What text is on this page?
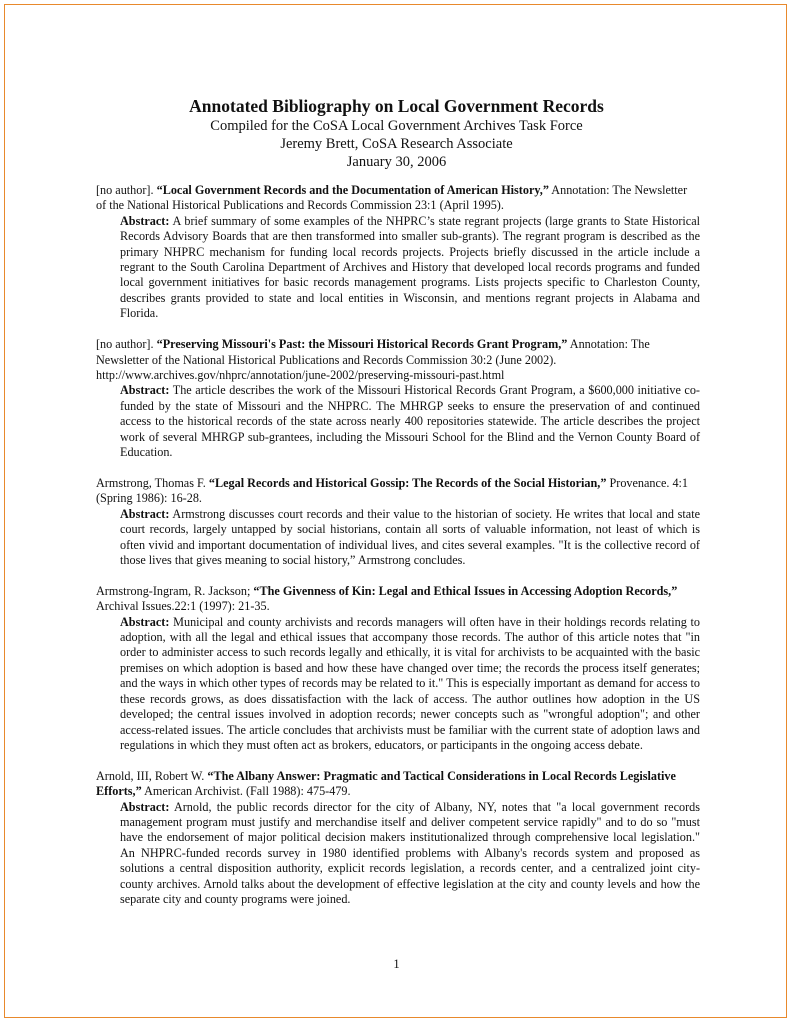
Annotated Bibliography on Local Government Records
Compiled for the CoSA Local Government Archives Task Force
Jeremy Brett, CoSA Research Associate
January 30, 2006
[no author]. “Local Government Records and the Documentation of American History,” Annotation: The Newsletter of the National Historical Publications and Records Commission 23:1 (April 1995).
Abstract: A brief summary of some examples of the NHPRC’s state regrant projects (large grants to State Historical Records Advisory Boards that are then transformed into smaller sub-grants). The regrant program is described as the primary NHPRC mechanism for funding local records projects. Projects briefly discussed in the article include a regrant to the South Carolina Department of Archives and History that developed local records programs and funded local government initiatives for basic records management programs. Lists projects specific to Charleston County, describes grants provided to state and local entities in Wisconsin, and mentions regrant projects in Alabama and Florida.
[no author]. “Preserving Missouri's Past: the Missouri Historical Records Grant Program,” Annotation: The Newsletter of the National Historical Publications and Records Commission 30:2 (June 2002).
http://www.archives.gov/nhprc/annotation/june-2002/preserving-missouri-past.html
Abstract: The article describes the work of the Missouri Historical Records Grant Program, a $600,000 initiative co-funded by the state of Missouri and the NHPRC. The MHRGP seeks to ensure the preservation of and continued access to the historical records of the state across nearly 400 repositories statewide. The article describes the project work of several MHRGP sub-grantees, including the Missouri School for the Blind and the Vernon County Board of Education.
Armstrong, Thomas F. “Legal Records and Historical Gossip: The Records of the Social Historian,” Provenance. 4:1 (Spring 1986): 16-28.
Abstract: Armstrong discusses court records and their value to the historian of society. He writes that local and state court records, largely untapped by social historians, contain all sorts of valuable information, not least of which is often vivid and important documentation of individual lives, and cites several examples. "It is the collective record of those lives that gives meaning to social history,” Armstrong concludes.
Armstrong-Ingram, R. Jackson; “The Givenness of Kin: Legal and Ethical Issues in Accessing Adoption Records,” Archival Issues.22:1 (1997): 21-35.
Abstract: Municipal and county archivists and records managers will often have in their holdings records relating to adoption, with all the legal and ethical issues that accompany those records. The author of this article notes that "in order to administer access to such records legally and ethically, it is vital for archivists to be acquainted with the basic premises on which adoption is based and how these have changed over time; the records the process itself generates; and the ways in which other types of records may be related to it." This is especially important as demand for access to these records grows, as does dissatisfaction with the lack of access. The author outlines how adoption in the US developed; the central issues involved in adoption records; newer concepts such as "wrongful adoption"; and other access-related issues. The article concludes that archivists must be familiar with the current state of adoption laws and regulations in which they must often act as brokers, educators, or participants in the ongoing access debate.
Arnold, III, Robert W. “The Albany Answer: Pragmatic and Tactical Considerations in Local Records Legislative Efforts,” American Archivist. (Fall 1988): 475-479.
Abstract: Arnold, the public records director for the city of Albany, NY, notes that "a local government records management program must justify and merchandise itself and deliver competent service rapidly" and to do so "must have the endorsement of major political decision makers institutionalized through comprehensive local legislation." An NHPRC-funded records survey in 1980 identified problems with Albany's records system and proposed as solutions a central disposition authority, explicit records legislation, a records center, and a centralized joint city-county archives. Arnold talks about the development of effective legislation at the city and county levels and how the separate city and county programs were joined.
1
